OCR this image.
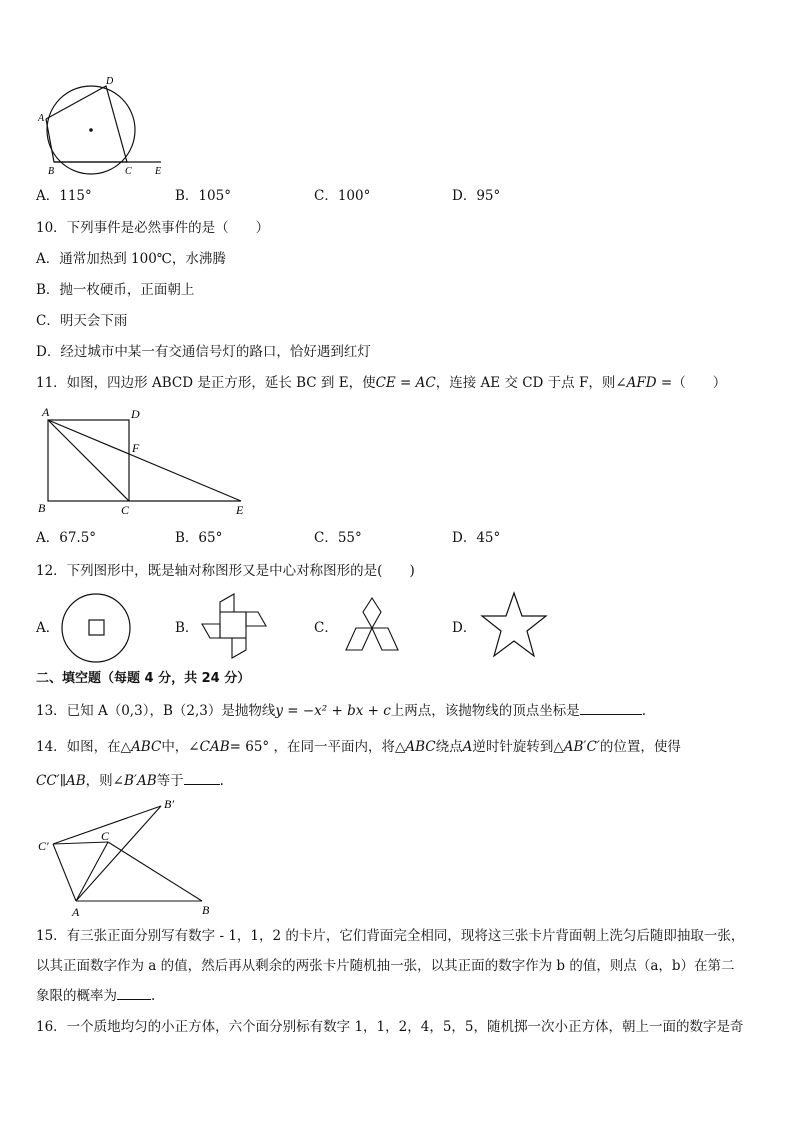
A
B	C
D
E
A．115°	B．105°	C．100°	D．95°
10．下列事件是必然事件的是（　　）
A．通常加热到 100℃，水沸腾
B．抛一枚硬币，正面朝上
C．明天会下雨
D．经过城市中某一有交通信号灯的路口，恰好遇到红灯
11．如图，四边形 ABCD 是正方形，延长 BC 到 E，使CE = AC，连接 AE 交 CD 于点 F，则∠AFD =（　　）
A	D
F
B	C	E
A．67.5°	B．65°	C．55°	D．45°
12．下列图形中，既是轴对称图形又是中心对称图形的是(　　)
A．	B．	C．	D．
二、填空题（每题 4 分，共 24 分）
13．已知 A（0,3），B（2,3）是抛物线y = −x² + bx + c上两点，该抛物线的顶点坐标是	.
14．如图，在△ABC中，∠CAB= 65° ，在同一平面内，将△ABC绕点A逆时针旋转到△AB′C′的位置，使得
CC′∥AB，则∠B′AB等于	.
B′
C′
C
A	B
15．有三张正面分别写有数字 - 1，1，2 的卡片，它们背面完全相同，现将这三张卡片背面朝上洗匀后随即抽取一张，
以其正面数字作为 a 的值，然后再从剩余的两张卡片随机抽一张，以其正面的数字作为 b 的值，则点（a，b）在第二
象限的概率为	.
16．一个质地均匀的小正方体，六个面分别标有数字 1，1，2，4，5，5，随机掷一次小正方体，朝上一面的数字是奇
